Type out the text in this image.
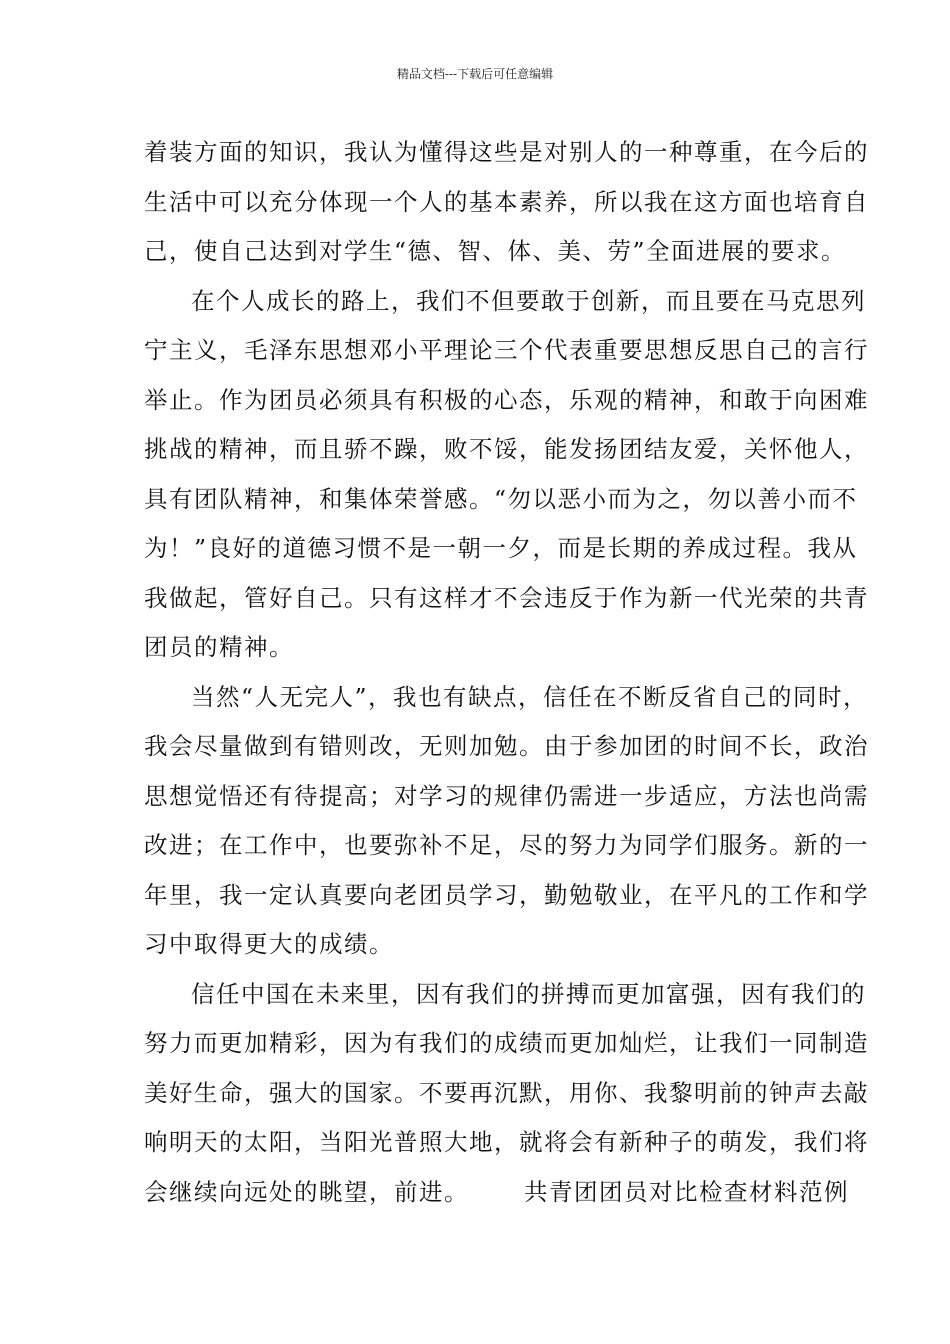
精品文档---下载后可任意编辑
着装方面的知识，我认为懂得这些是对别人的一种尊重，在今后的
生活中可以充分体现一个人的基本素养，所以我在这方面也培育自
己，使自己达到对学生“德、智、体、美、劳”全面进展的要求。
在个人成长的路上，我们不但要敢于创新，而且要在马克思列
宁主义，毛泽东思想邓小平理论三个代表重要思想反思自己的言行
举止。作为团员必须具有积极的心态，乐观的精神，和敢于向困难
挑战的精神，而且骄不躁，败不馁，能发扬团结友爱，关怀他人，
具有团队精神，和集体荣誉感。“勿以恶小而为之，勿以善小而不
为！”良好的道德习惯不是一朝一夕，而是长期的养成过程。我从
我做起，管好自己。只有这样才不会违反于作为新一代光荣的共青
团员的精神。
当然“人无完人”，我也有缺点，信任在不断反省自己的同时，
我会尽量做到有错则改，无则加勉。由于参加团的时间不长，政治
思想觉悟还有待提高；对学习的规律仍需进一步适应，方法也尚需
改进；在工作中，也要弥补不足，尽的努力为同学们服务。新的一
年里，我一定认真要向老团员学习，勤勉敬业，在平凡的工作和学
习中取得更大的成绩。
信任中国在未来里，因有我们的拼搏而更加富强，因有我们的
努力而更加精彩，因为有我们的成绩而更加灿烂，让我们一同制造
美好生命，强大的国家。不要再沉默，用你、我黎明前的钟声去敲
响明天的太阳，当阳光普照大地，就将会有新种子的萌发，我们将
会继续向远处的眺望，前进。 共青团团员对比检查材料范例
